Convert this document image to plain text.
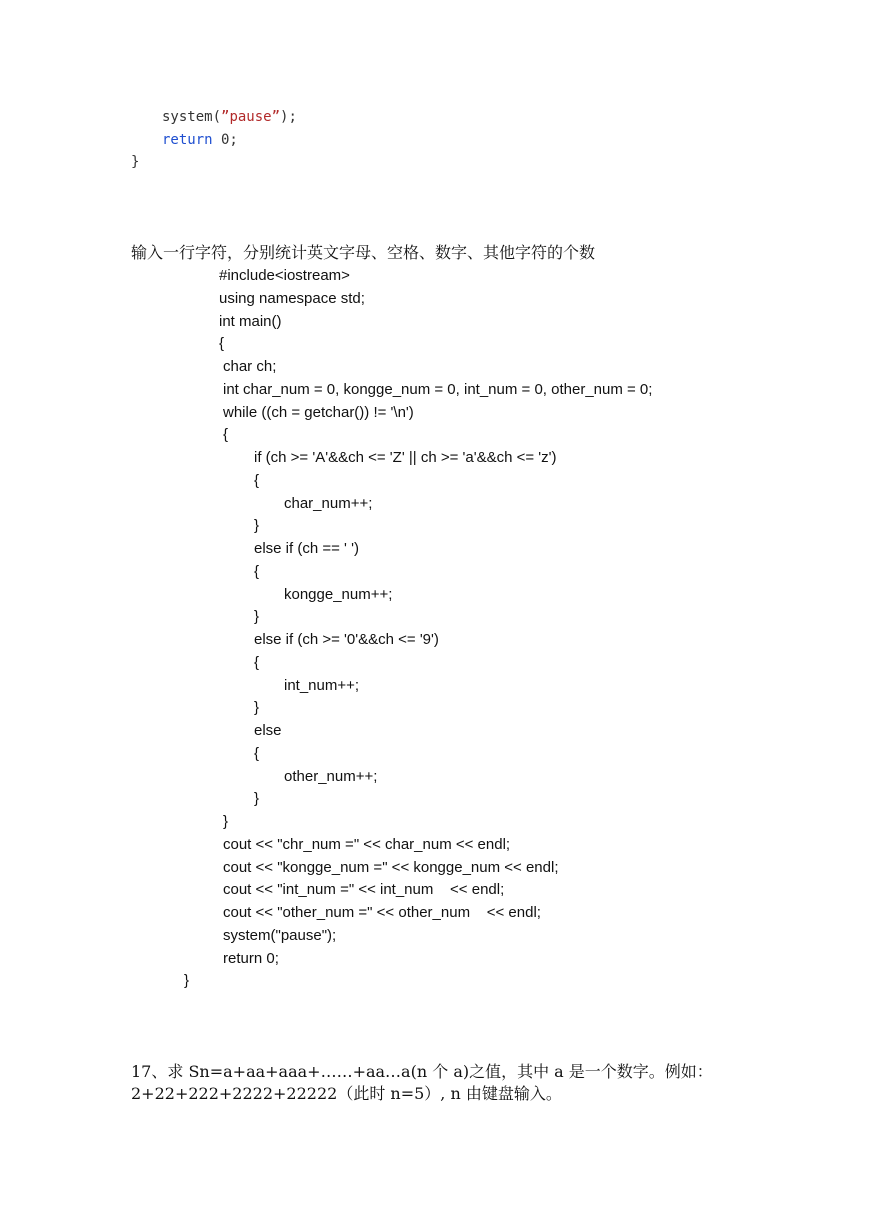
system(”pause”);
return 0;
}
输入一行字符，分别统计英文字母、空格、数字、其他字符的个数
#include<iostream>
using namespace std;
int main()
{
char ch;
int char_num = 0, kongge_num = 0, int_num = 0, other_num = 0;
while ((ch = getchar()) != '\n')
{
if (ch >= 'A'&&ch <= 'Z' || ch >= 'a'&&ch <= 'z')
{
char_num++;
}
else if (ch == ' ')
{
kongge_num++;
}
else if (ch >= '0'&&ch <= '9')
{
int_num++;
}
else
{
other_num++;
}
}
cout << "chr_num =" << char_num << endl;
cout << "kongge_num =" << kongge_num << endl;
cout << "int_num =" << int_num    << endl;
cout << "other_num =" << other_num    << endl;
system("pause");
return 0;
}
17、求 Sn=a+aa+aaa+……+aa…a(n 个 a)之值，其中 a 是一个数字。例如：
2+22+222+2222+22222（此时 n=5）, n 由键盘输入。
